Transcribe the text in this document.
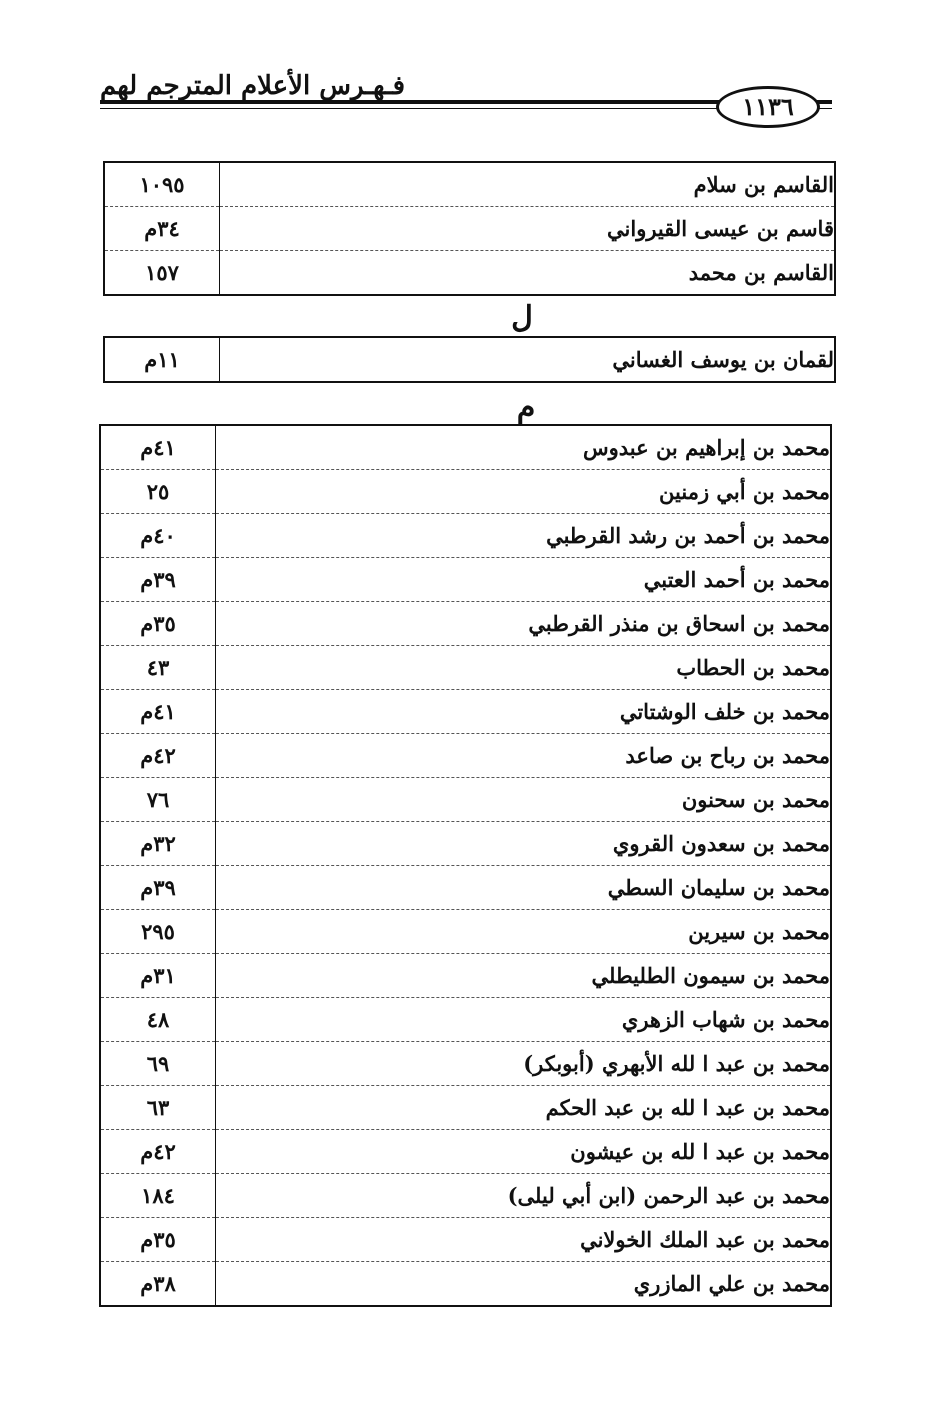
فـهـرس الأعلام المترجم لهم
١١٣٦
القاسم بن سلام	١٠٩٥
قاسم بن عيسى القيرواني	٣٤م
القاسم بن محمد	١٥٧
ل
لقمان بن يوسف الغساني	١١م
م
محمد بن إبراهيم بن عبدوس	٤١م
محمد بن أبي زمنين	٢٥
محمد بن أحمد بن رشد القرطبي	٤٠م
محمد بن أحمد العتبي	٣٩م
محمد بن اسحاق بن منذر القرطبي	٣٥م
محمد بن الحطاب	٤٣
محمد بن خلف الوشتاتي	٤١م
محمد بن رباح بن صاعد	٤٢م
محمد بن سحنون	٧٦
محمد بن سعدون القروي	٣٢م
محمد بن سليمان السطي	٣٩م
محمد بن سيرين	٢٩٥
محمد بن سيمون الطليطلي	٣١م
محمد بن شهاب الزهري	٤٨
محمد بن عبد ا لله الأبهري (أبوبكر)	٦٩
محمد بن عبد ا لله بن عبد الحكم	٦٣
محمد بن عبد ا لله بن عيشون	٤٢م
محمد بن عبد الرحمن (ابن أبي ليلى)	١٨٤
محمد بن عبد الملك الخولاني	٣٥م
محمد بن علي المازري	٣٨م
